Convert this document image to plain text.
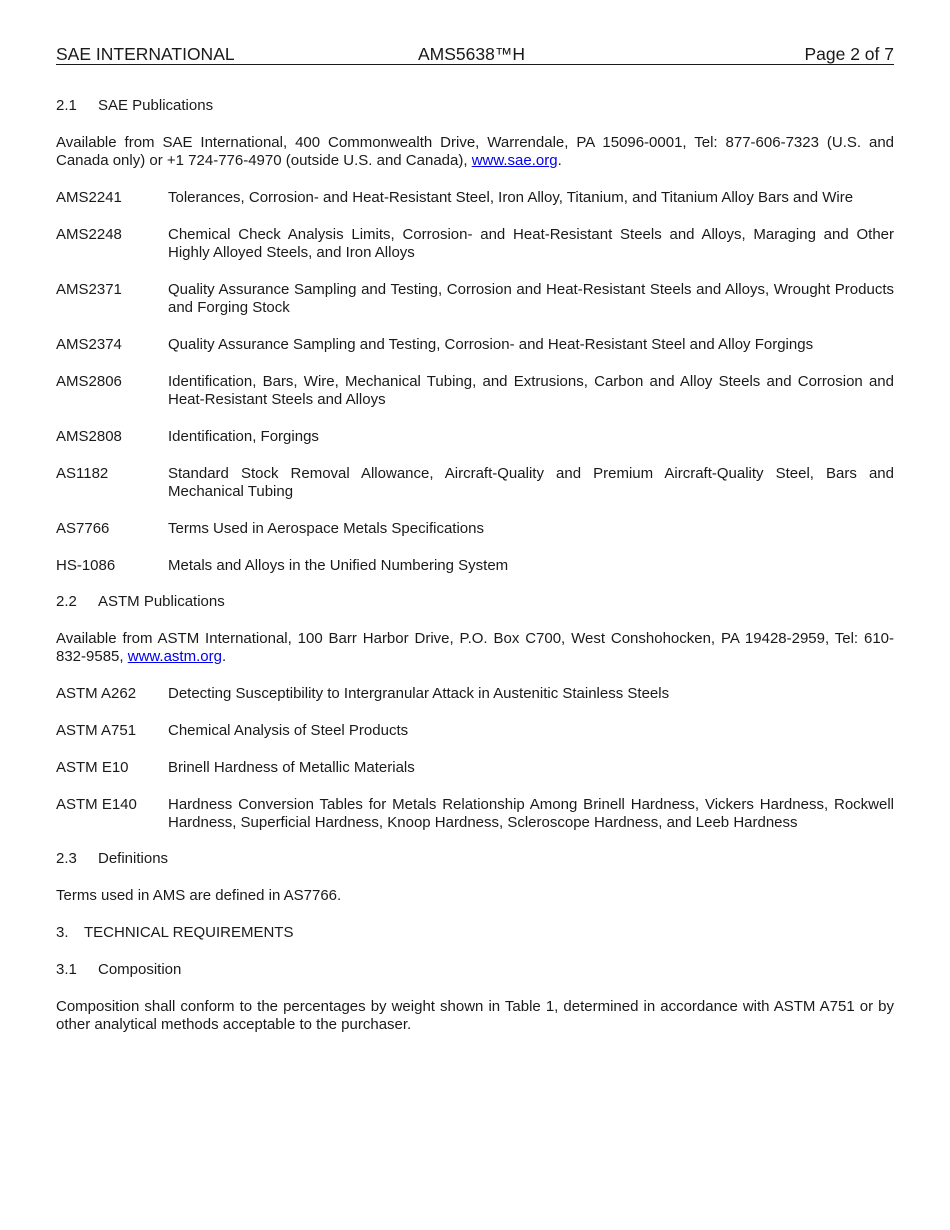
SAE INTERNATIONAL	AMS5638™H	Page 2 of 7
2.1 SAE Publications

Available from SAE International, 400 Commonwealth Drive, Warrendale, PA 15096-0001, Tel: 877-606-7323 (U.S. and Canada only) or +1 724-776-4970 (outside U.S. and Canada), www.sae.org.

AMS2241	Tolerances, Corrosion- and Heat-Resistant Steel, Iron Alloy, Titanium, and Titanium Alloy Bars and Wire
AMS2248	Chemical Check Analysis Limits, Corrosion- and Heat-Resistant Steels and Alloys, Maraging and Other Highly Alloyed Steels, and Iron Alloys
AMS2371	Quality Assurance Sampling and Testing, Corrosion and Heat-Resistant Steels and Alloys, Wrought Products and Forging Stock
AMS2374	Quality Assurance Sampling and Testing, Corrosion- and Heat-Resistant Steel and Alloy Forgings
AMS2806	Identification, Bars, Wire, Mechanical Tubing, and Extrusions, Carbon and Alloy Steels and Corrosion and Heat-Resistant Steels and Alloys
AMS2808	Identification, Forgings
AS1182	Standard Stock Removal Allowance, Aircraft-Quality and Premium Aircraft-Quality Steel, Bars and Mechanical Tubing
AS7766	Terms Used in Aerospace Metals Specifications
HS-1086	Metals and Alloys in the Unified Numbering System
2.2 ASTM Publications

Available from ASTM International, 100 Barr Harbor Drive, P.O. Box C700, West Conshohocken, PA 19428-2959, Tel: 610-832-9585, www.astm.org.

ASTM A262 Detecting Susceptibility to Intergranular Attack in Austenitic Stainless Steels
ASTM A751 Chemical Analysis of Steel Products
ASTM E10	Brinell Hardness of Metallic Materials
ASTM E140 Hardness Conversion Tables for Metals Relationship Among Brinell Hardness, Vickers Hardness, Rockwell Hardness, Superficial Hardness, Knoop Hardness, Scleroscope Hardness, and Leeb Hardness
2.3 Definitions

Terms used in AMS are defined in AS7766.

3. TECHNICAL REQUIREMENTS
3.1 Composition

Composition shall conform to the percentages by weight shown in Table 1, determined in accordance with ASTM A751 or by other analytical methods acceptable to the purchaser.
